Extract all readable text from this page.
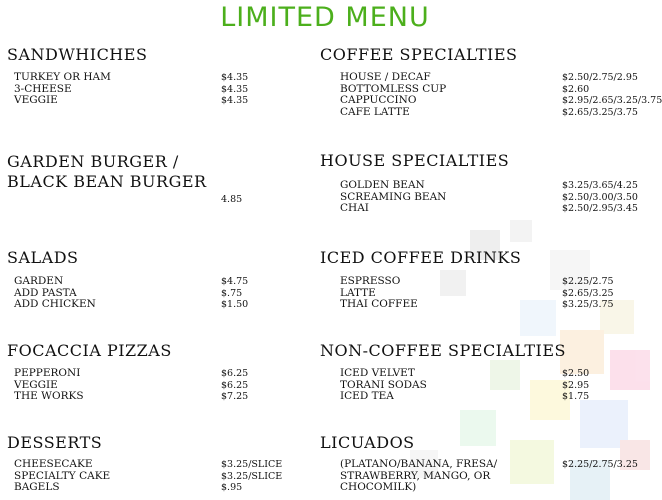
LIMITED MENU
SANDWHICHES
TURKEY OR HAM	$4.35
3-CHEESE	$4.35
VEGGIE	$4.35
GARDEN BURGER /
BLACK BEAN BURGER
4.85
SALADS
GARDEN	$4.75
ADD PASTA	$.75
ADD CHICKEN	$1.50
FOCACCIA PIZZAS
PEPPERONI	$6.25
VEGGIE	$6.25
THE WORKS	$7.25
DESSERTS
CHEESECAKE	$3.25/SLICE
SPECIALTY CAKE	$3.25/SLICE
BAGELS	$.95
COFFEE SPECIALTIES
HOUSE / DECAF	$2.50/2.75/2.95
BOTTOMLESS CUP	$2.60
CAPPUCCINO	$2.95/2.65/3.25/3.75
CAFE LATTE	$2.65/3.25/3.75
HOUSE SPECIALTIES
GOLDEN BEAN	$3.25/3.65/4.25
SCREAMING BEAN	$2.50/3.00/3.50
CHAI	$2.50/2.95/3.45
ICED COFFEE DRINKS
ESPRESSO	$2.25/2.75
LATTE	$2.65/3.25
THAI COFFEE	$3.25/3.75
NON-COFFEE SPECIALTIES
ICED VELVET	$2.50
TORANI SODAS	$2.95
ICED TEA	$1.75
LICUADOS
(PLATANO/BANANA, FRESA/	$2.25/2.75/3.25
STRAWBERRY, MANGO, OR
CHOCOMILK)
